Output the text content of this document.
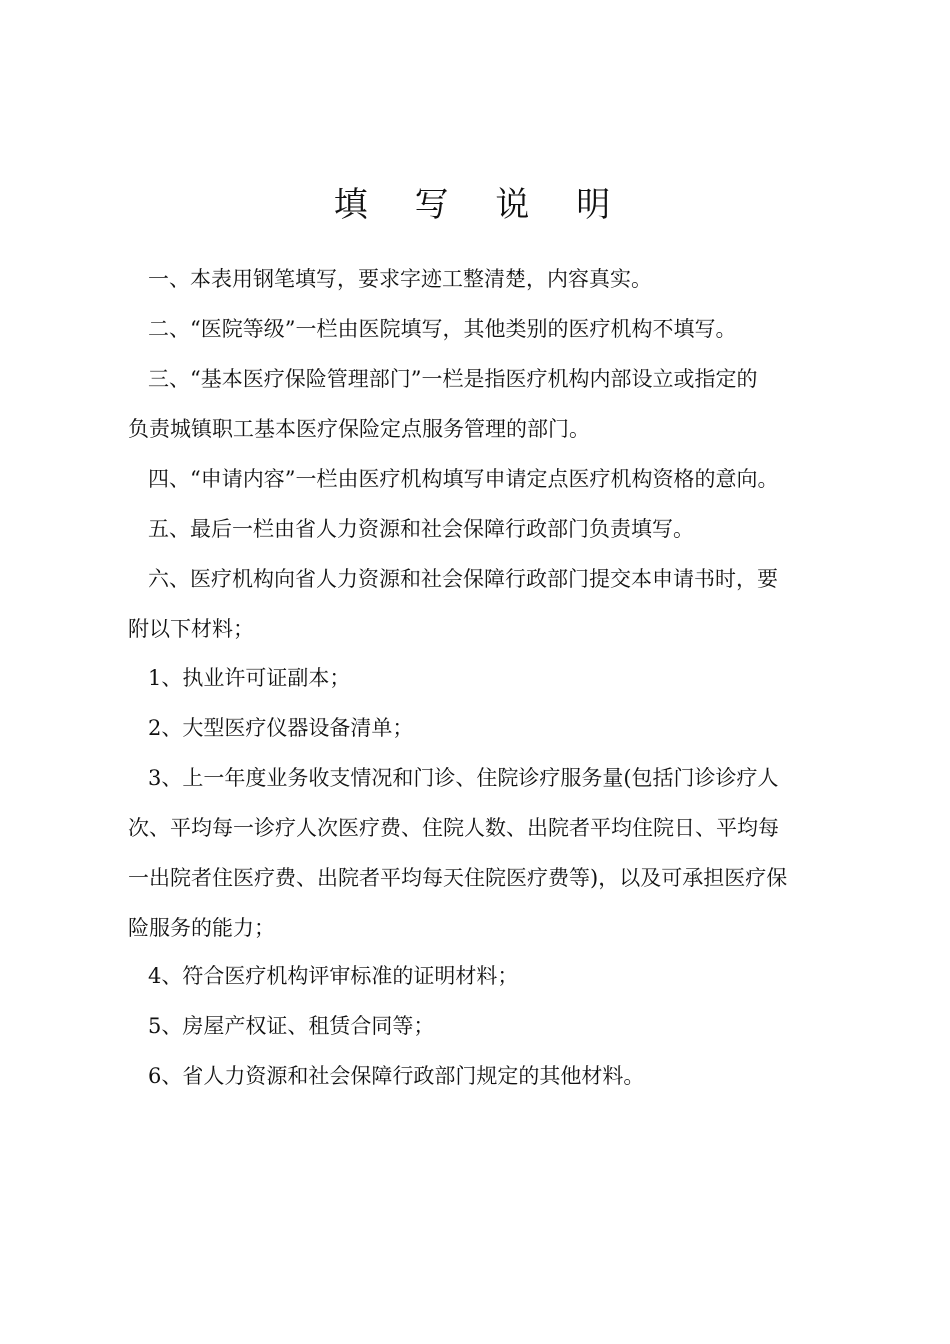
填 写 说 明
一、本表用钢笔填写，要求字迹工整清楚，内容真实。
二、“医院等级”一栏由医院填写，其他类别的医疗机构不填写。
三、“基本医疗保险管理部门”一栏是指医疗机构内部设立或指定的
负责城镇职工基本医疗保险定点服务管理的部门。
四、“申请内容”一栏由医疗机构填写申请定点医疗机构资格的意向。
五、最后一栏由省人力资源和社会保障行政部门负责填写。
六、医疗机构向省人力资源和社会保障行政部门提交本申请书时，要
附以下材料；
1、执业许可证副本；
2、大型医疗仪器设备清单；
3、上一年度业务收支情况和门诊、住院诊疗服务量(包括门诊诊疗人
次、平均每一诊疗人次医疗费、住院人数、出院者平均住院日、平均每
一出院者住医疗费、出院者平均每天住院医疗费等)，以及可承担医疗保
险服务的能力；
4、符合医疗机构评审标准的证明材料；
5、房屋产权证、租赁合同等；
6、省人力资源和社会保障行政部门规定的其他材料。
